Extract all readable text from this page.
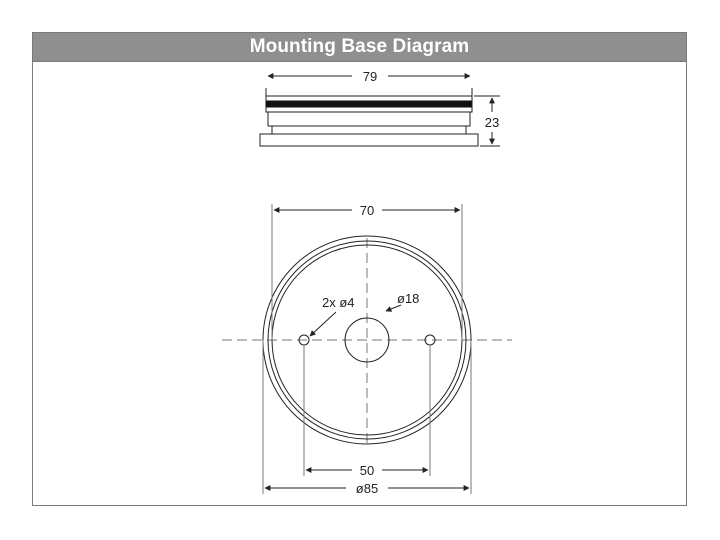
Mounting Base Diagram
79
23
70
50
ø85
ø18
2x ø4
